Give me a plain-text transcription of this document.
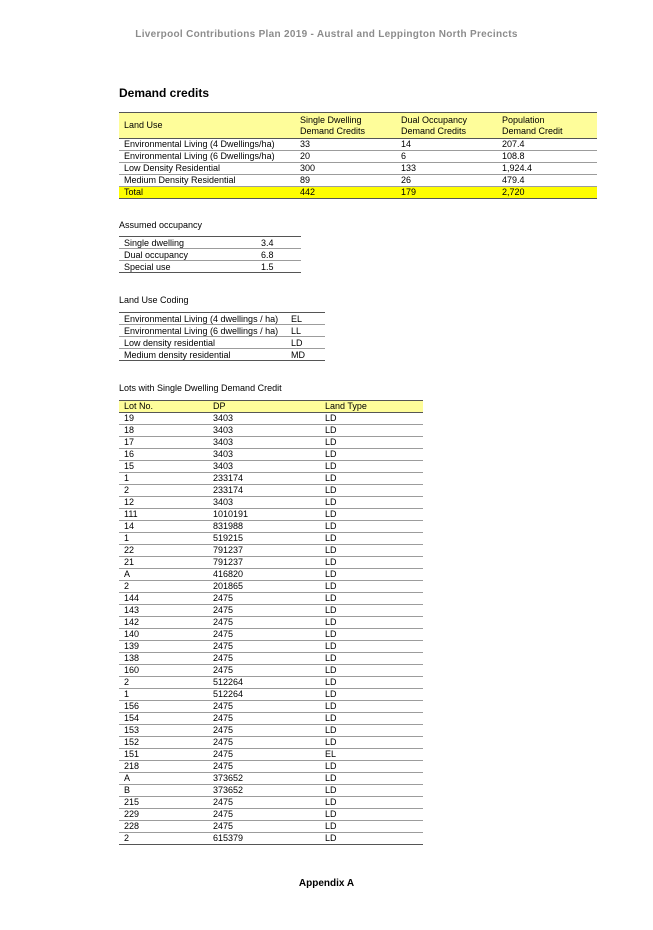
Liverpool Contributions Plan 2019 - Austral and Leppington North Precincts
Demand credits
Land Use	Single Dwelling Demand Credits	Dual Occupancy Demand Credits	Population Demand Credit
Environmental Living (4 Dwellings/ha)	33	14	207.4
Environmental Living (6 Dwellings/ha)	20	6	108.8
Low Density Residential	300	133	1,924.4
Medium Density Residential	89	26	479.4
Total	442	179	2,720
Assumed occupancy
Single dwelling	3.4
Dual occupancy	6.8
Special use	1.5
Land Use Coding
Environmental Living (4 dwellings / ha)	EL
Environmental Living (6 dwellings / ha)	LL
Low density residential	LD
Medium density residential	MD
Lots with Single Dwelling Demand Credit
Lot No.	DP	Land Type
19	3403	LD
18	3403	LD
17	3403	LD
16	3403	LD
15	3403	LD
1	233174	LD
2	233174	LD
12	3403	LD
111	1010191	LD
14	831988	LD
1	519215	LD
22	791237	LD
21	791237	LD
A	416820	LD
2	201865	LD
144	2475	LD
143	2475	LD
142	2475	LD
140	2475	LD
139	2475	LD
138	2475	LD
160	2475	LD
2	512264	LD
1	512264	LD
156	2475	LD
154	2475	LD
153	2475	LD
152	2475	LD
151	2475	EL
218	2475	LD
A	373652	LD
B	373652	LD
215	2475	LD
229	2475	LD
228	2475	LD
2	615379	LD
Appendix A
